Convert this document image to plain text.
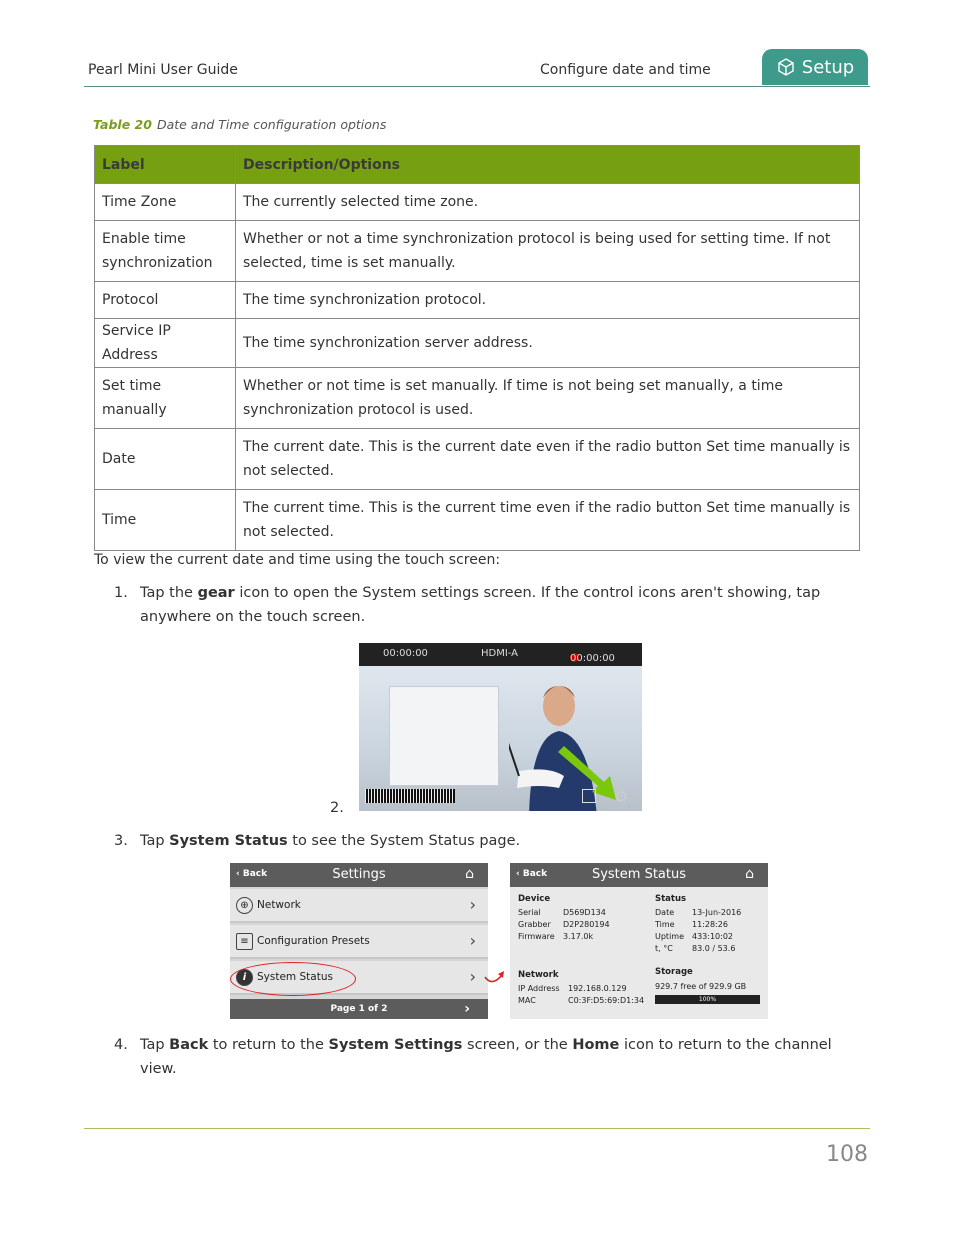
Pearl Mini User Guide	Configure date and time	Setup
Table 20 Date and Time configuration options
Label	Description/Options
Time Zone	The currently selected time zone.
Enable time synchronization	Whether or not a time synchronization protocol is being used for setting time. If not selected, time is set manually.
Protocol	The time synchronization protocol.
Service IP Address	The time synchronization server address.
Set time manually	Whether or not time is set manually. If time is not being set manually, a time synchronization protocol is used.
Date	The current date. This is the current date even if the radio button Set time manually is not selected.
Time	The current time. This is the current time even if the radio button Set time manually is not selected.
To view the current date and time using the touch screen:
1. Tap the gear icon to open the System settings screen. If the control icons aren't showing, tap anywhere on the touch screen.
2.
00:00:00	HDMI-A	00:00:00
⚙
3. Tap System Status to see the System Status page.
‹ Back	Settings	⌂
⊕ Network	›
≡ Configuration Presets	›
i	System Status	›
Page 1 of 2	›
‹ Back	System Status	⌂
Device
Serial	D569D134
Grabber D2P280194
Firmware 3.17.0k
Status
Date 13-Jun-2016
Time 11:28:26
Uptime 433:10:02
t, °C 83.0 / 53.6
Network
IP Address 192.168.0.129
MAC	C0:3F:D5:69:D1:34
Storage
929.7 free of 929.9 GB
100%
4. Tap Back to return to the System Settings screen, or the Home icon to return to the channel view.
108
